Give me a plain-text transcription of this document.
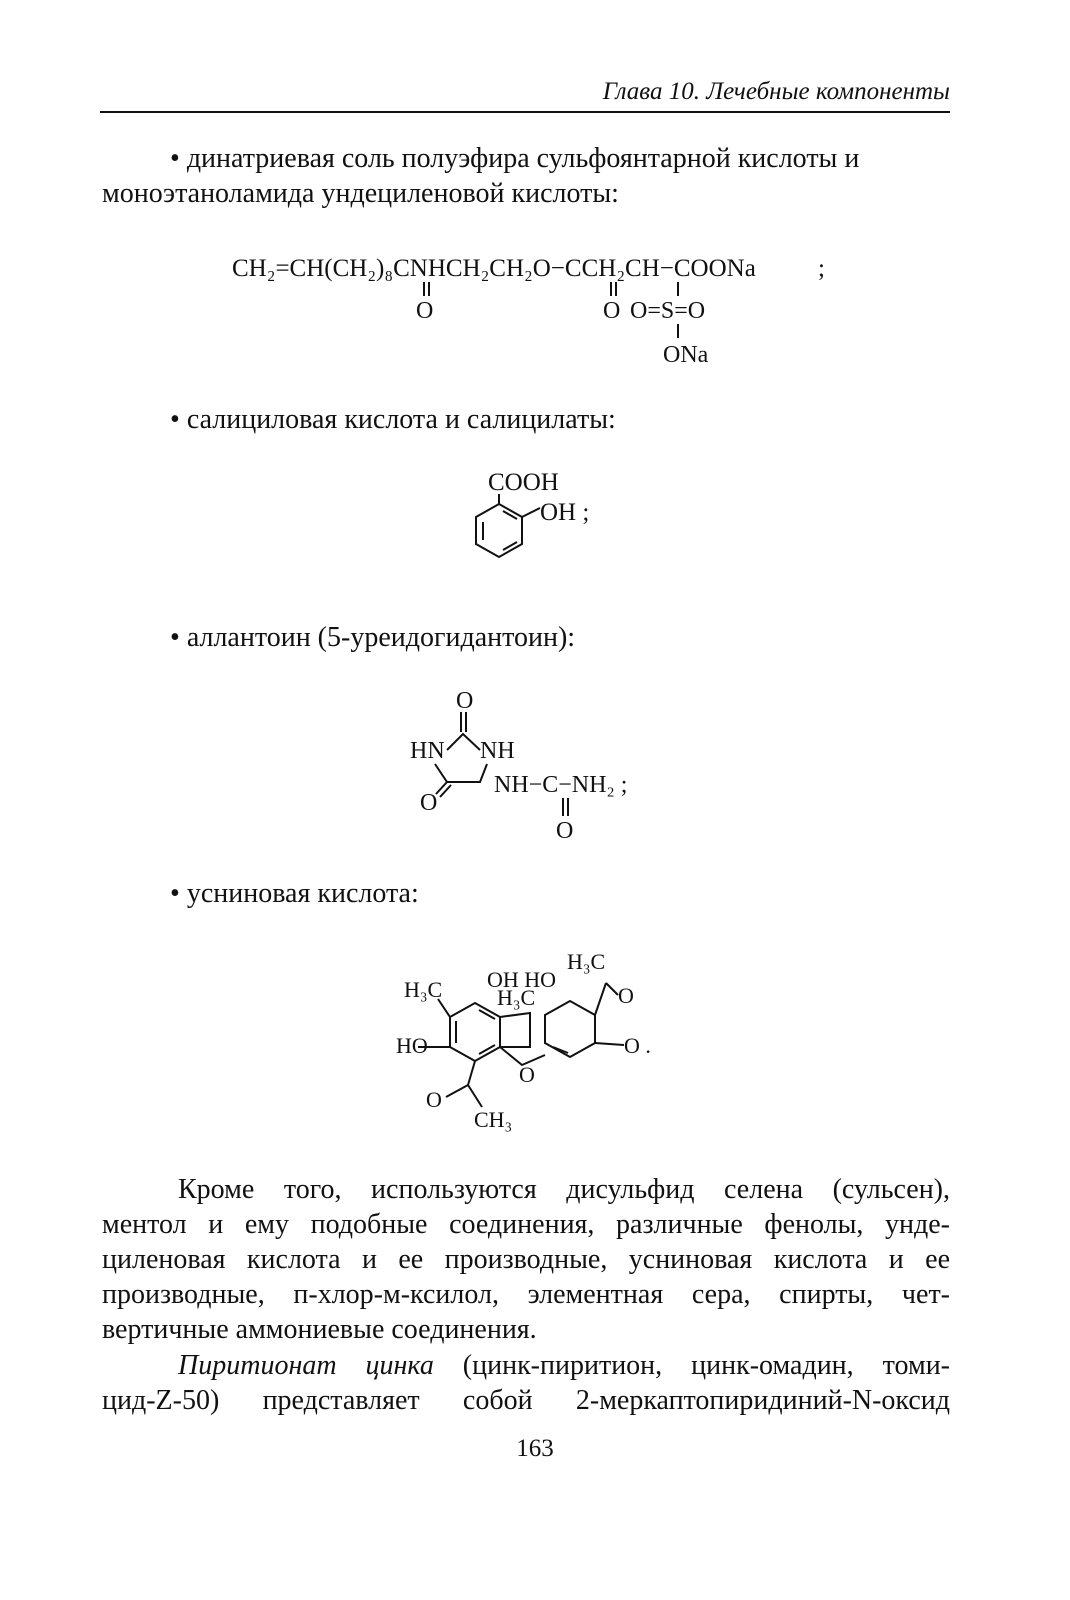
Глава 10. Лечебные компоненты
• динатриевая соль полуэфира сульфоянтарной кислоты и
моноэтаноламида ундециленовой кислоты:
CH₂=CH(CH₂)₈CNHCH₂CH₂O−CCH₂CH−COONa ;
O	O O=S=O
ONa
• салициловая кислота и салицилаты:
COOH
OH ;
• аллантоин (5-уреидогидантоин):
O
HN NH
O
NH−C−NH₂ ;
O
• усниновая кислота:
H₃C
H₃C OH HO
H₃C	O
HO	O .
O
O
CH₃
Кроме того, используются дисульфид селена (сульсен),
ментол и ему подобные соединения, различные фенолы, унде-
циленовая кислота и ее производные, усниновая кислота и ее
производные, п-хлор-м-ксилол, элементная сера, спирты, чет-
вертичные аммониевые соединения.
Пиритионат цинка (цинк-пиритион, цинк-омадин, томи-
цид-Z-50) представляет собой 2-меркаптопиридиний-N-оксид
163
